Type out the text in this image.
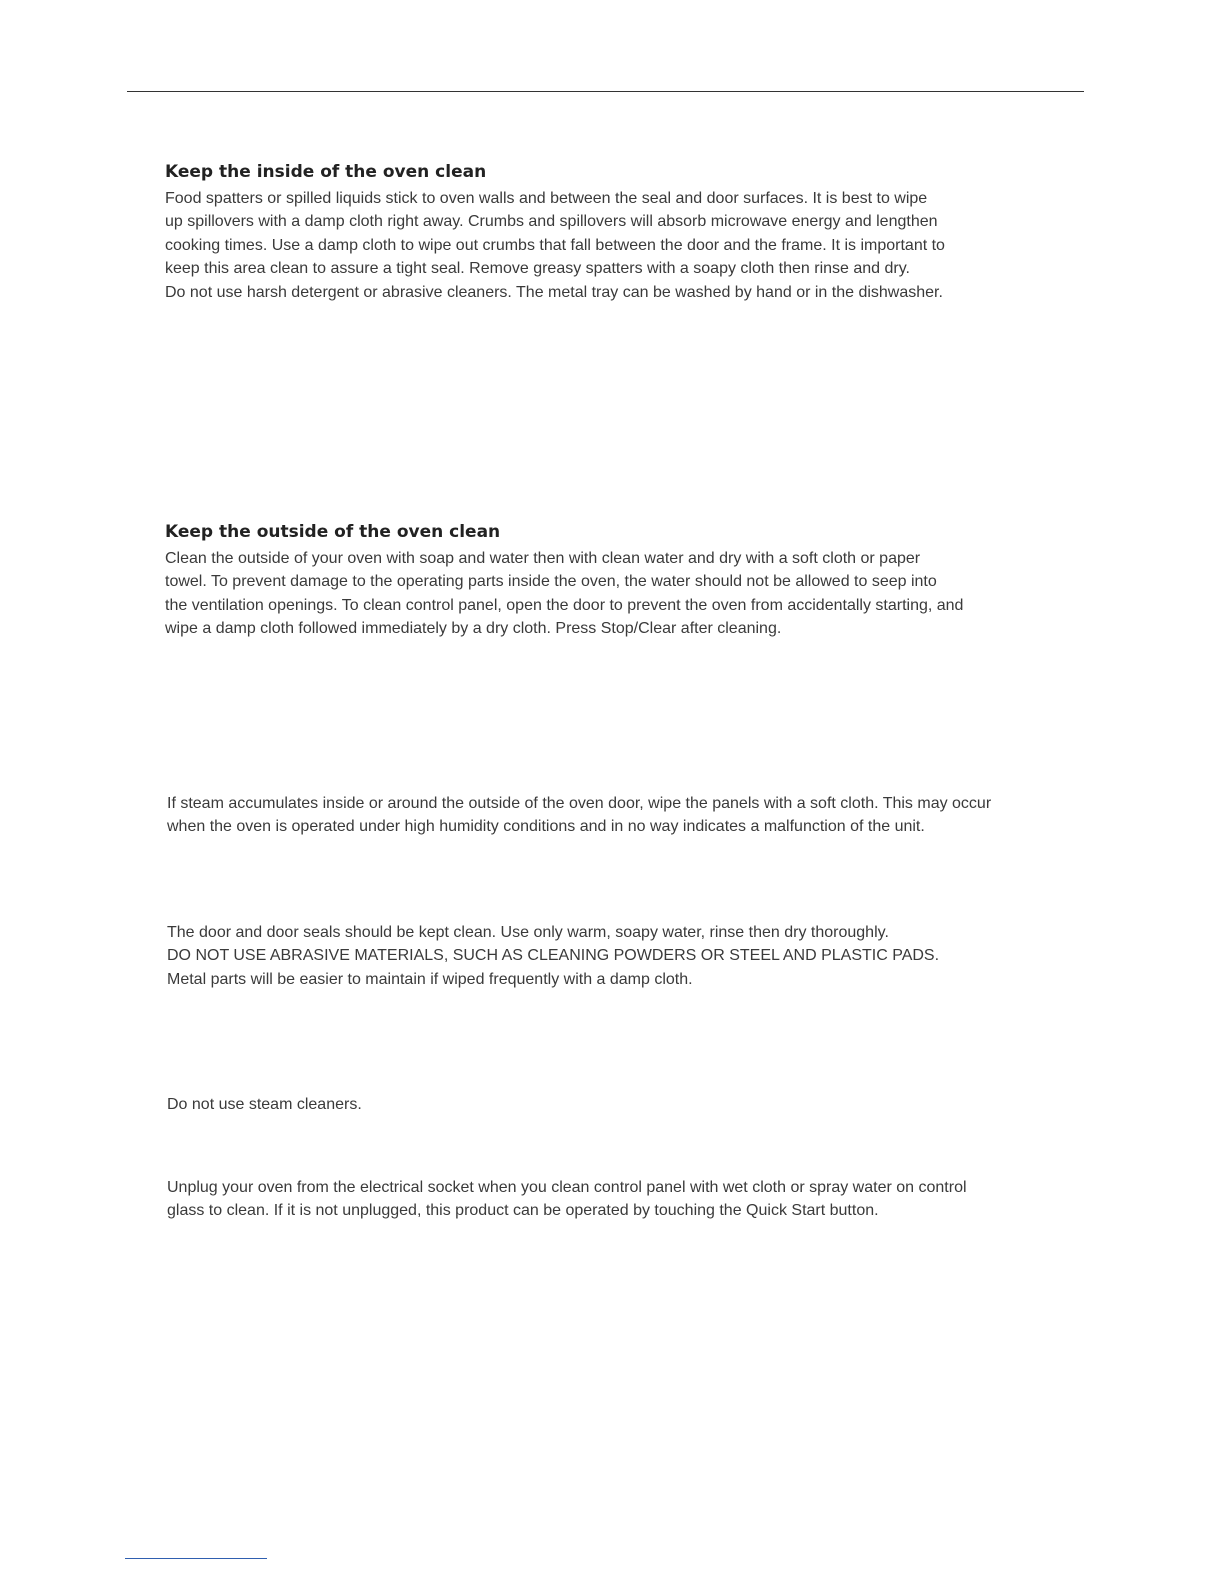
Keep the inside of the oven clean
Food spatters or spilled liquids stick to oven walls and between the seal and door surfaces. It is best to wipe
up spillovers with a damp cloth right away. Crumbs and spillovers will absorb microwave energy and lengthen
cooking times. Use a damp cloth to wipe out crumbs that fall between the door and the frame. It is important to
keep this area clean to assure a tight seal. Remove greasy spatters with a soapy cloth then rinse and dry.
Do not use harsh detergent or abrasive cleaners. The metal tray can be washed by hand or in the dishwasher.
Keep the outside of the oven clean
Clean the outside of your oven with soap and water then with clean water and dry with a soft cloth or paper
towel. To prevent damage to the operating parts inside the oven, the water should not be allowed to seep into
the ventilation openings. To clean control panel, open the door to prevent the oven from accidentally starting, and
wipe a damp cloth followed immediately by a dry cloth. Press Stop/Clear after cleaning.
If steam accumulates inside or around the outside of the oven door, wipe the panels with a soft cloth. This may occur
when the oven is operated under high humidity conditions and in no way indicates a malfunction of the unit.
The door and door seals should be kept clean. Use only warm, soapy water, rinse then dry thoroughly.
DO NOT USE ABRASIVE MATERIALS, SUCH AS CLEANING POWDERS OR STEEL AND PLASTIC PADS.
Metal parts will be easier to maintain if wiped frequently with a damp cloth.
Do not use steam cleaners.
Unplug your oven from the electrical socket when you clean control panel with wet cloth or spray water on control
glass to clean. If it is not unplugged, this product can be operated by touching the Quick Start button.
